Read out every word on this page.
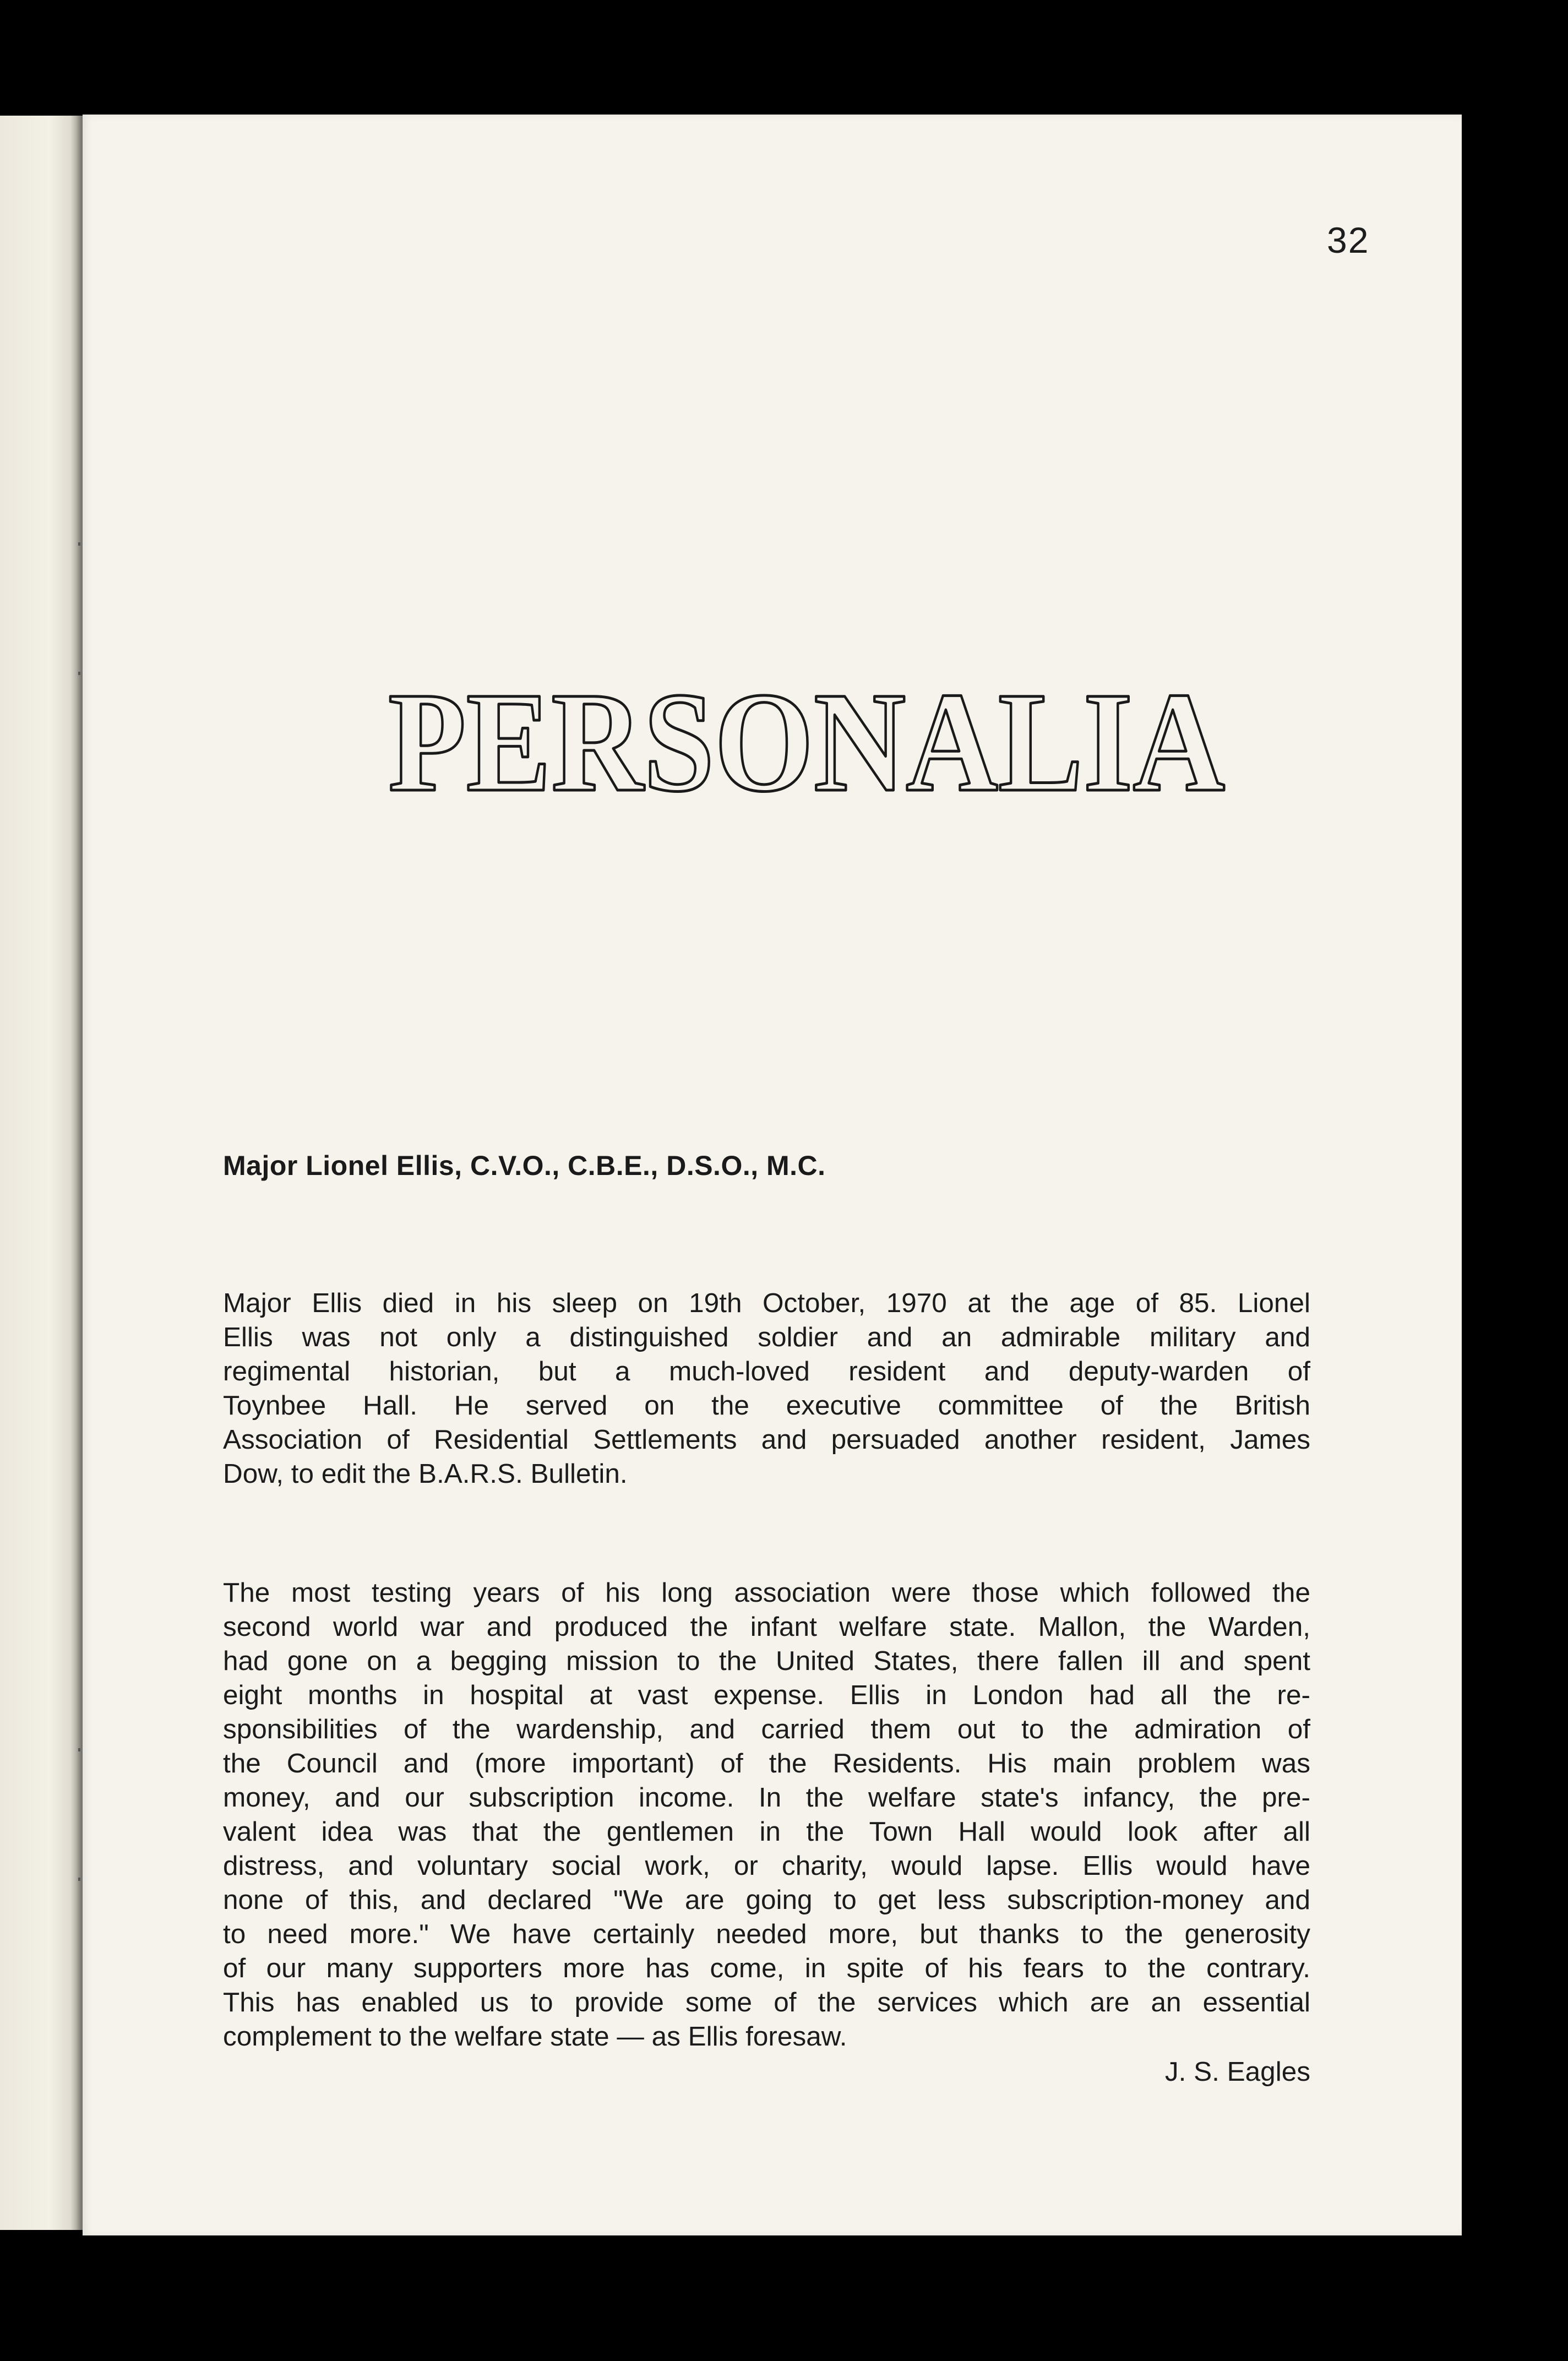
32
PERSONALIA
Major Lionel Ellis, C.V.O., C.B.E., D.S.O., M.C.
Major Ellis died in his sleep on 19th October, 1970 at the age of 85. Lionel
Ellis was not only a distinguished soldier and an admirable military and
regimental historian, but a much-loved resident and deputy-warden of
Toynbee Hall. He served on the executive committee of the British
Association of Residential Settlements and persuaded another resident, James
Dow, to edit the B.A.R.S. Bulletin.
The most testing years of his long association were those which followed the
second world war and produced the infant welfare state. Mallon, the Warden,
had gone on a begging mission to the United States, there fallen ill and spent
eight months in hospital at vast expense. Ellis in London had all the re-
sponsibilities of the wardenship, and carried them out to the admiration of
the Council and (more important) of the Residents. His main problem was
money, and our subscription income. In the welfare state's infancy, the pre-
valent idea was that the gentlemen in the Town Hall would look after all
distress, and voluntary social work, or charity, would lapse. Ellis would have
none of this, and declared "We are going to get less subscription-money and
to need more." We have certainly needed more, but thanks to the generosity
of our many supporters more has come, in spite of his fears to the contrary.
This has enabled us to provide some of the services which are an essential
complement to the welfare state — as Ellis foresaw.
J. S. Eagles
